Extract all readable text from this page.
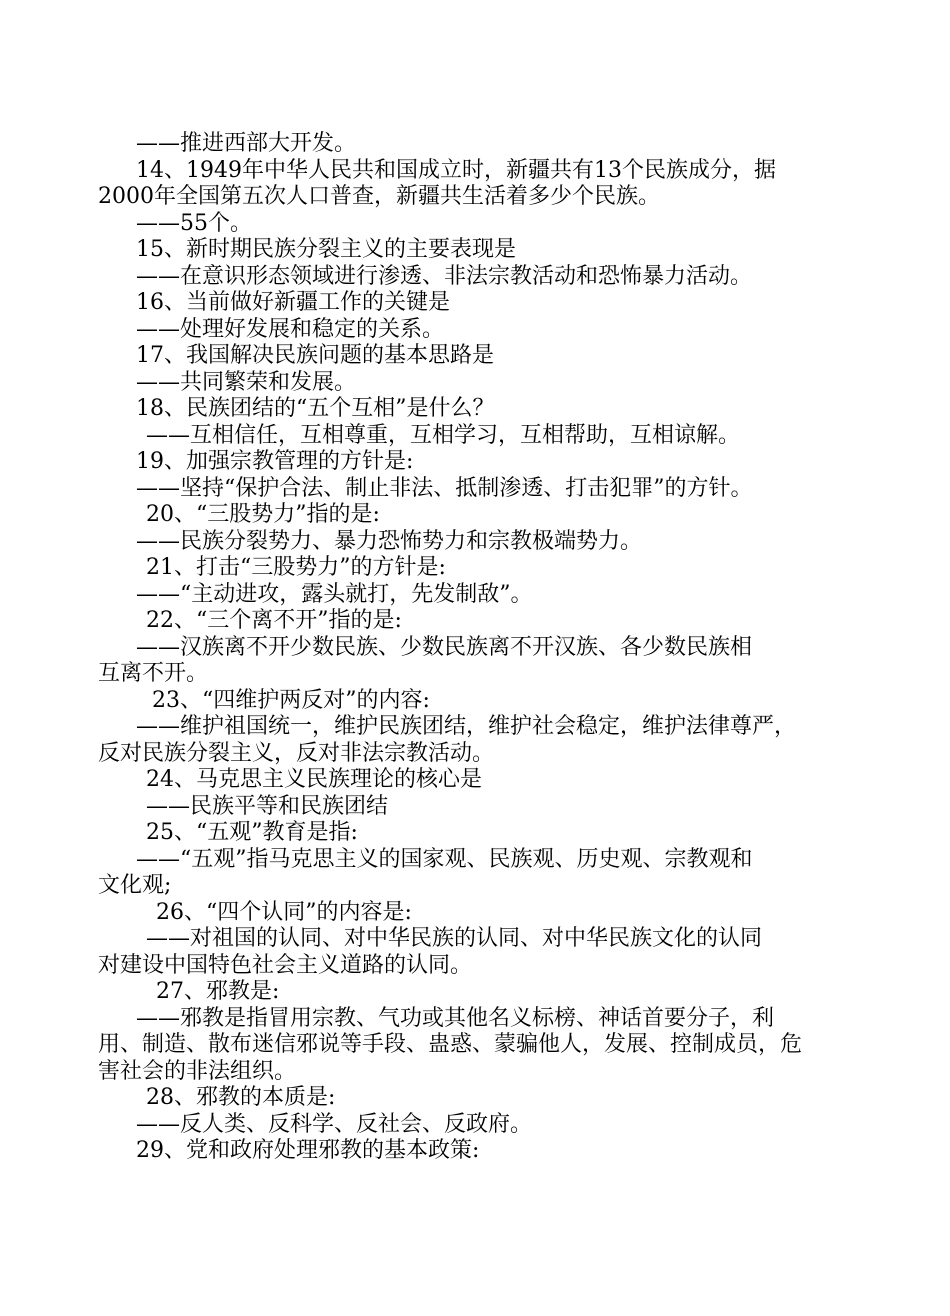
——推进西部大开发。
14、1949年中华人民共和国成立时，新疆共有13个民族成分，据
2000年全国第五次人口普查，新疆共生活着多少个民族。
——55个。
15、新时期民族分裂主义的主要表现是
——在意识形态领域进行渗透、非法宗教活动和恐怖暴力活动。
16、当前做好新疆工作的关键是
——处理好发展和稳定的关系。
17、我国解决民族问题的基本思路是
——共同繁荣和发展。
18、民族团结的“五个互相”是什么？
——互相信任，互相尊重，互相学习，互相帮助，互相谅解。
19、加强宗教管理的方针是:
——坚持“保护合法、制止非法、抵制渗透、打击犯罪”的方针。
20、“三股势力”指的是:
——民族分裂势力、暴力恐怖势力和宗教极端势力。
21、打击“三股势力”的方针是:
——“主动进攻，露头就打，先发制敌”。
22、“三个离不开”指的是:
——汉族离不开少数民族、少数民族离不开汉族、各少数民族相
互离不开。
23、“四维护两反对”的内容:
——维护祖国统一，维护民族团结，维护社会稳定，维护法律尊严，
反对民族分裂主义，反对非法宗教活动。
24、马克思主义民族理论的核心是
——民族平等和民族团结
25、“五观”教育是指:
——“五观”指马克思主义的国家观、民族观、历史观、宗教观和
文化观;
26、“四个认同”的内容是:
——对祖国的认同、对中华民族的认同、对中华民族文化的认同
对建设中国特色社会主义道路的认同。
27、邪教是:
——邪教是指冒用宗教、气功或其他名义标榜、神话首要分子，利
用、制造、散布迷信邪说等手段、蛊惑、蒙骗他人，发展、控制成员，危
害社会的非法组织。
28、邪教的本质是:
——反人类、反科学、反社会、反政府。
29、党和政府处理邪教的基本政策:
